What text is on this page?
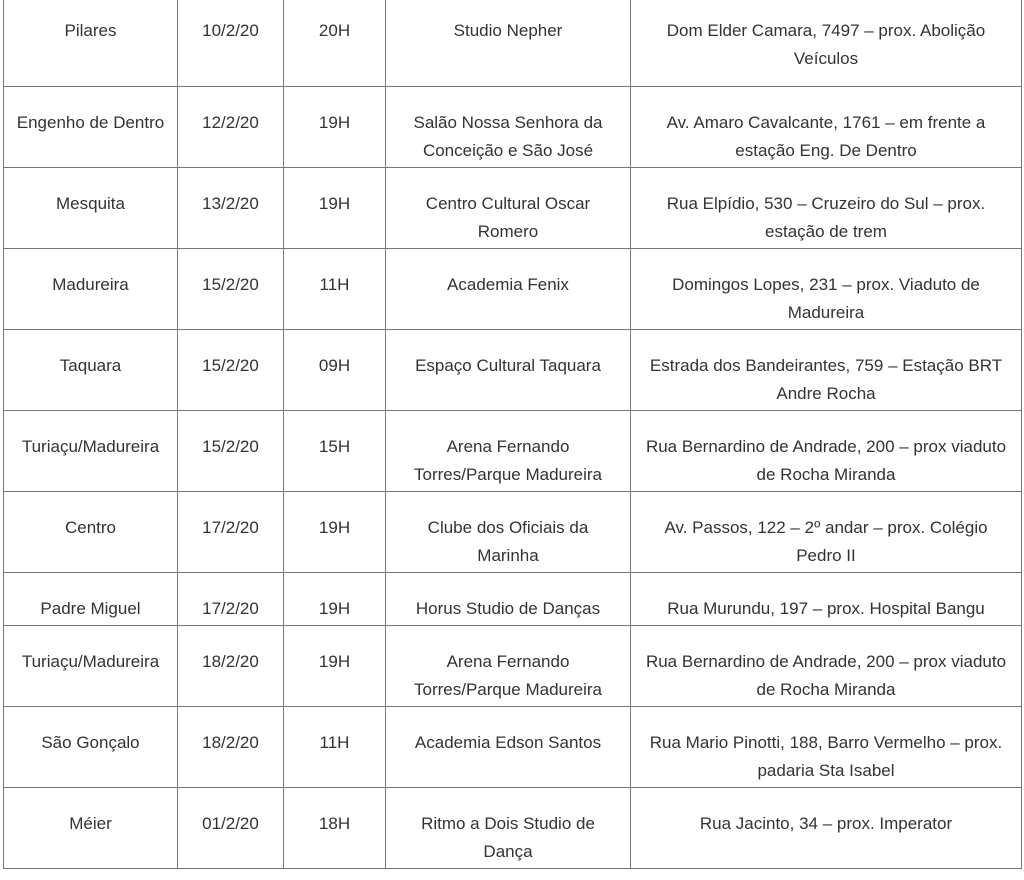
Pilares	10/2/20	20H	Studio Nepher	Dom Elder Camara, 7497 – prox. Abolição Veículos

Engenho de Dentro	12/2/20	19H	Salão Nossa Senhora da Conceição e São José	Av. Amaro Cavalcante, 1761 – em frente a estação Eng. De Dentro

Mesquita	13/2/20	19H	Centro Cultural Oscar Romero	Rua Elpídio, 530 – Cruzeiro do Sul – prox. estação de trem

Madureira	15/2/20	11H	Academia Fenix	Domingos Lopes, 231 – prox. Viaduto de Madureira

Taquara	15/2/20	09H	Espaço Cultural Taquara	Estrada dos Bandeirantes, 759 – Estação BRT Andre Rocha

Turiaçu/Madureira	15/2/20	15H	Arena Fernando Torres/Parque Madureira	Rua Bernardino de Andrade, 200 – prox viaduto de Rocha Miranda

Centro	17/2/20	19H	Clube dos Oficiais da Marinha	Av. Passos, 122 – 2º andar – prox. Colégio Pedro II

Padre Miguel	17/2/20	19H	Horus Studio de Danças	Rua Murundu, 197 – prox. Hospital Bangu

Turiaçu/Madureira	18/2/20	19H	Arena Fernando Torres/Parque Madureira	Rua Bernardino de Andrade, 200 – prox viaduto de Rocha Miranda

São Gonçalo	18/2/20	11H	Academia Edson Santos	Rua Mario Pinotti, 188, Barro Vermelho – prox. padaria Sta Isabel

Méier	01/2/20	18H	Ritmo a Dois Studio de Dança	Rua Jacinto, 34 – prox. Imperator
